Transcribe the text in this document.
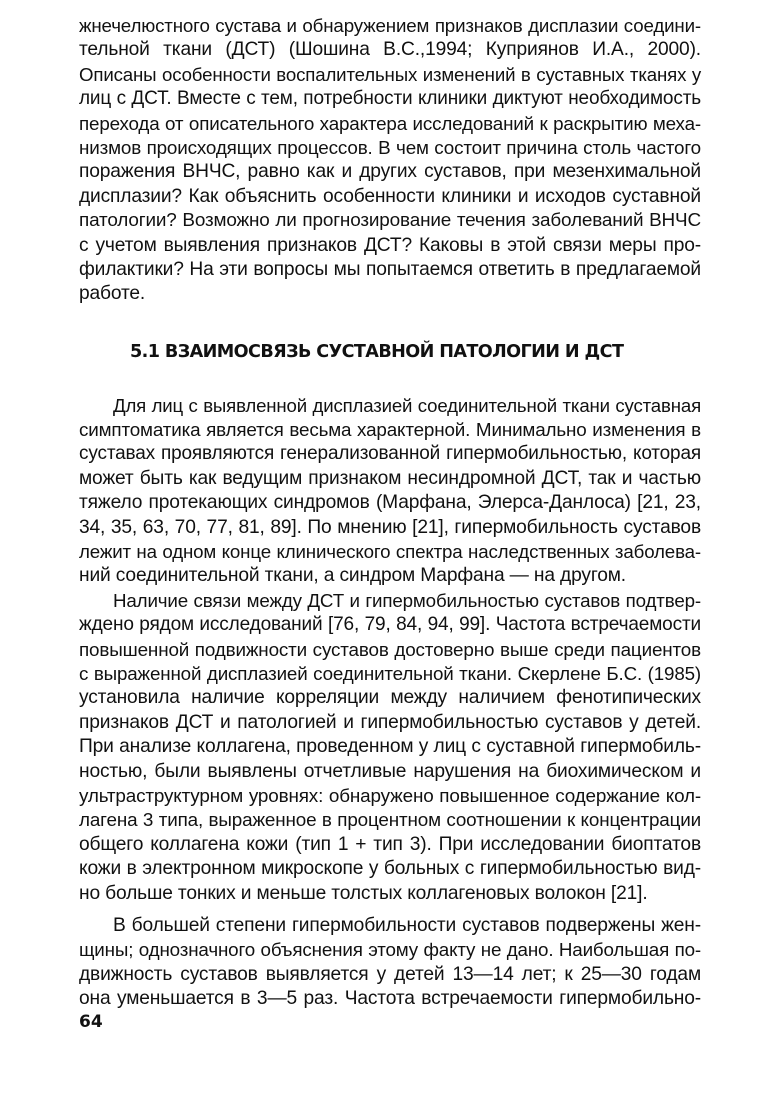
жнечелюстного сустава и обнаружением признаков дисплазии соедини-
тельной ткани (ДСТ) (Шошина В.С.,1994; Куприянов И.А., 2000).
Описаны особенности воспалительных изменений в суставных тканях у
лиц с ДСТ. Вместе с тем, потребности клиники диктуют необходимость
перехода от описательного характера исследований к раскрытию меха-
низмов происходящих процессов. В чем состоит причина столь частого
поражения ВНЧС, равно как и других суставов, при мезенхимальной
дисплазии? Как объяснить особенности клиники и исходов суставной
патологии? Возможно ли прогнозирование течения заболеваний ВНЧС
с учетом выявления признаков ДСТ? Каковы в этой связи меры про-
филактики? На эти вопросы мы попытаемся ответить в предлагаемой
работе.
5.1 ВЗАИМОСВЯЗЬ СУСТАВНОЙ ПАТОЛОГИИ И ДСТ
Для лиц с выявленной дисплазией соединительной ткани суставная
симптоматика является весьма характерной. Минимально изменения в
суставах проявляются генерализованной гипермобильностью, которая
может быть как ведущим признаком несиндромной ДСТ, так и частью
тяжело протекающих синдромов (Марфана, Элерса-Данлоса) [21, 23,
34, 35, 63, 70, 77, 81, 89]. По мнению [21], гипермобильность суставов
лежит на одном конце клинического спектра наследственных заболева-
ний соединительной ткани, а синдром Марфана — на другом.
Наличие связи между ДСТ и гипермобильностью суставов подтвер-
ждено рядом исследований [76, 79, 84, 94, 99]. Частота встречаемости
повышенной подвижности суставов достоверно выше среди пациентов
с выраженной дисплазией соединительной ткани. Скерлене Б.С. (1985)
установила наличие корреляции между наличием фенотипических
признаков ДСТ и патологией и гипермобильностью суставов у детей.
При анализе коллагена, проведенном у лиц с суставной гипермобиль-
ностью, были выявлены отчетливые нарушения на биохимическом и
ультраструктурном уровнях: обнаружено повышенное содержание кол-
лагена 3 типа, выраженное в процентном соотношении к концентрации
общего коллагена кожи (тип 1 + тип 3). При исследовании биоптатов
кожи в электронном микроскопе у больных с гипермобильностью вид-
но больше тонких и меньше толстых коллагеновых волокон [21].
В большей степени гипермобильности суставов подвержены жен-
щины; однозначного объяснения этому факту не дано. Наибольшая по-
движность суставов выявляется у детей 13—14 лет; к 25—30 годам
она уменьшается в 3—5 раз. Частота встречаемости гипермобильно-
64
